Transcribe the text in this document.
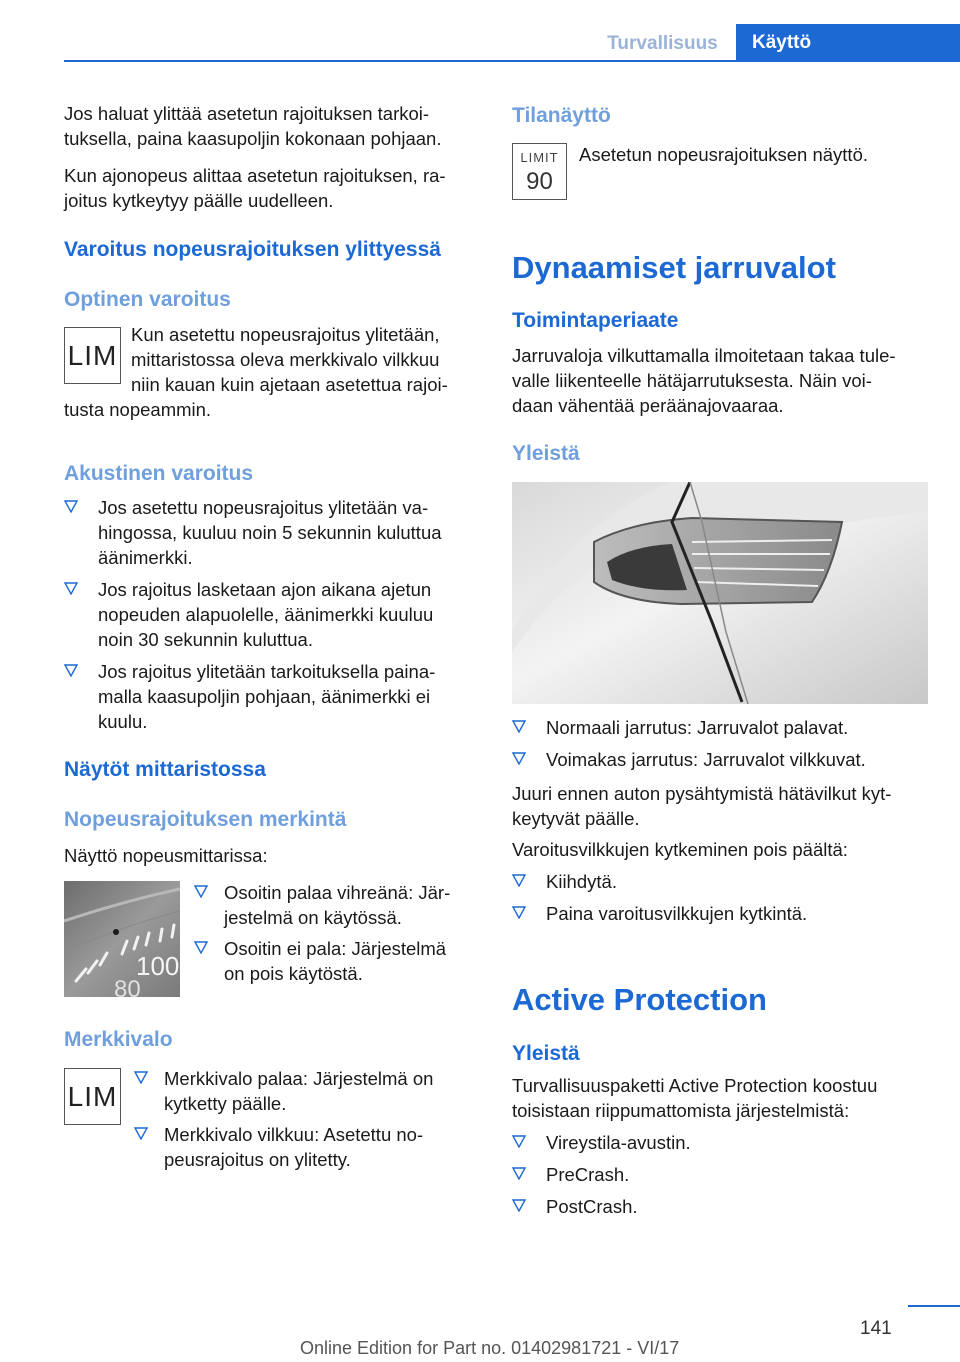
Turvallisuus	Käyttö

Jos haluat ylittää asetetun rajoituksen tarkoi-
tuksella, paina kaasupoljin kokonaan pohjaan.

Kun ajonopeus alittaa asetetun rajoituksen, ra-
joitus kytkeytyy päälle uudelleen.

Varoitus nopeusrajoituksen ylittyessä
Optinen varoitus
LIM

Kun asetettu nopeusrajoitus ylitetään,
mittaristossa oleva merkkivalo vilkkuu
niin kauan kuin ajetaan asetettua rajoi-

tusta nopeammin.

Akustinen varoitus
Jos asetettu nopeusrajoitus ylitetään va-
hingossa, kuuluu noin 5 sekunnin kuluttua
äänimerkki.
Jos rajoitus lasketaan ajon aikana ajetun
nopeuden alapuolelle, äänimerkki kuuluu
noin 30 sekunnin kuluttua.
Jos rajoitus ylitetään tarkoituksella paina-
malla kaasupoljin pohjaan, äänimerkki ei
kuulu.
Näytöt mittaristossa
Nopeusrajoituksen merkintä

Näyttö nopeusmittarissa:

100
80
Osoitin palaa vihreänä: Jär-
jestelmä on käytössä.
Osoitin ei pala: Järjestelmä
on pois käytöstä.
Merkkivalo
LIM
Merkkivalo palaa: Järjestelmä on
kytketty päälle.
Merkkivalo vilkkuu: Asetettu no-
peusrajoitus on ylitetty.
Tilanäyttö
LIMIT
90

Asetetun nopeusrajoituksen näyttö.

Dynaamiset jarruvalot
Toimintaperiaate

Jarruvaloja vilkuttamalla ilmoitetaan takaa tule-
valle liikenteelle hätäjarrutuksesta. Näin voi-
daan vähentää peräänajovaaraa.

Yleistä
Normaali jarrutus: Jarruvalot palavat.
Voimakas jarrutus: Jarruvalot vilkkuvat.

Juuri ennen auton pysähtymistä hätävilkut kyt-
keytyvät päälle.

Varoitusvilkkujen kytkeminen pois päältä:

Kiihdytä.
Paina varoitusvilkkujen kytkintä.
Active Protection
Yleistä

Turvallisuuspaketti Active Protection koostuu
toisistaan riippumattomista järjestelmistä:

Vireystila-avustin.
PreCrash.
PostCrash.
141
Online Edition for Part no. 01402981721 - VI/17
